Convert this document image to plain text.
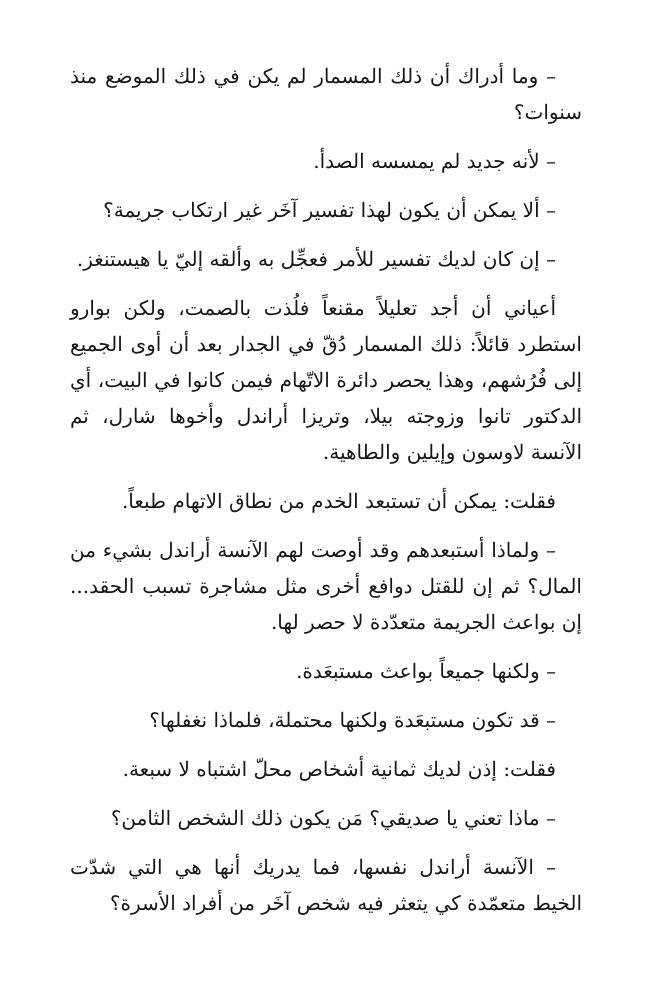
– وما أدراك أن ذلك المسمار لم يكن في ذلك الموضع منذ سنوات؟

– لأنه جديد لم يمسسه الصدأ.

– ألا يمكن أن يكون لهذا تفسير آخَر غير ارتكاب جريمة؟

– إن كان لديك تفسير للأمر فعجِّل به وألقه إليّ يا هيستنغز.

أعياني أن أجد تعليلاً مقنعاً فلُذت بالصمت، ولكن بوارو استطرد قائلاً: ذلك المسمار دُقّ في الجدار بعد أن أوى الجميع إلى فُرُشهم، وهذا يحصر دائرة الاتّهام فيمن كانوا في البيت، أي الدكتور تانوا وزوجته بيلا، وتريزا أراندل وأخوها شارل، ثم الآنسة لاوسون وإيلين والطاهية.

فقلت: يمكن أن تستبعد الخدم من نطاق الاتهام طبعاً.

– ولماذا أستبعدهم وقد أوصت لهم الآنسة أراندل بشيء من المال؟ ثم إن للقتل دوافع أخرى مثل مشاجرة تسبب الحقد... إن بواعث الجريمة متعدّدة لا حصر لها.

– ولكنها جميعاً بواعث مستبعَدة.

– قد تكون مستبعَدة ولكنها محتملة، فلماذا نغفلها؟

فقلت: إذن لديك ثمانية أشخاص محلّ اشتباه لا سبعة.

– ماذا تعني يا صديقي؟ مَن يكون ذلك الشخص الثامن؟

– الآنسة أراندل نفسها، فما يدريك أنها هي التي شدّت الخيط متعمّدة كي يتعثر فيه شخص آخَر من أفراد الأسرة؟
